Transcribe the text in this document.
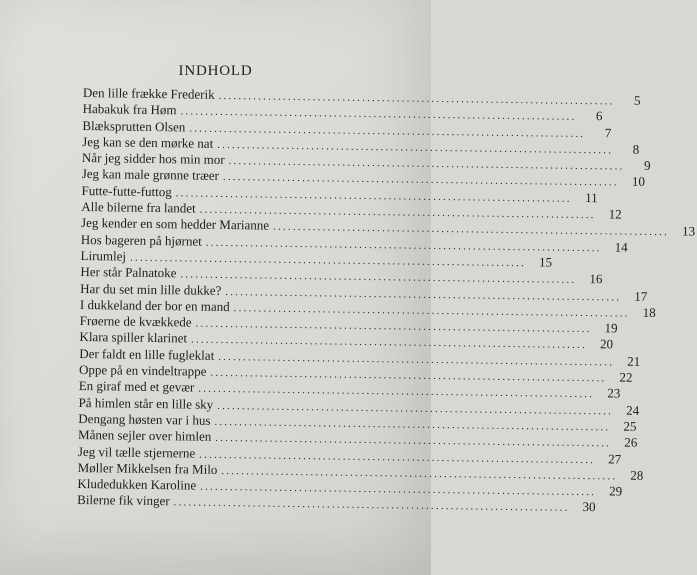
INDHOLD
Den lille frække Frederik ................................................................................	5
Habakuk fra Høm ................................................................................	6
Blæksprutten Olsen ................................................................................	7
Jeg kan se den mørke nat ................................................................................	8
Når jeg sidder hos min mor ................................................................................	9
Jeg kan male grønne træer ................................................................................ 10
Futte-futte-futtog ................................................................................	11
Alle bilerne fra landet ................................................................................ 12
Jeg kender en som hedder Marianne ................................................................................ 13
Hos bageren på hjørnet ................................................................................ 14
Lirumlej ................................................................................ 15
Her står Palnatoke ................................................................................ 16
Har du set min lille dukke? ................................................................................ 17
I dukkeland der bor en mand ................................................................................ 18
Frøerne de kvækkede ................................................................................ 19
Klara spiller klarinet ................................................................................ 20
Der faldt en lille fugleklat ................................................................................ 21
Oppe på en vindeltrappe ................................................................................ 22
En giraf med et gevær ................................................................................ 23
På himlen står en lille sky ................................................................................ 24
Dengang høsten var i hus ................................................................................ 25
Månen sejler over himlen ................................................................................ 26
Jeg vil tælle stjernerne ................................................................................ 27
Møller Mikkelsen fra Milo ................................................................................ 28
Kludedukken Karoline ................................................................................ 29
Bilerne fik vinger ................................................................................ 30
